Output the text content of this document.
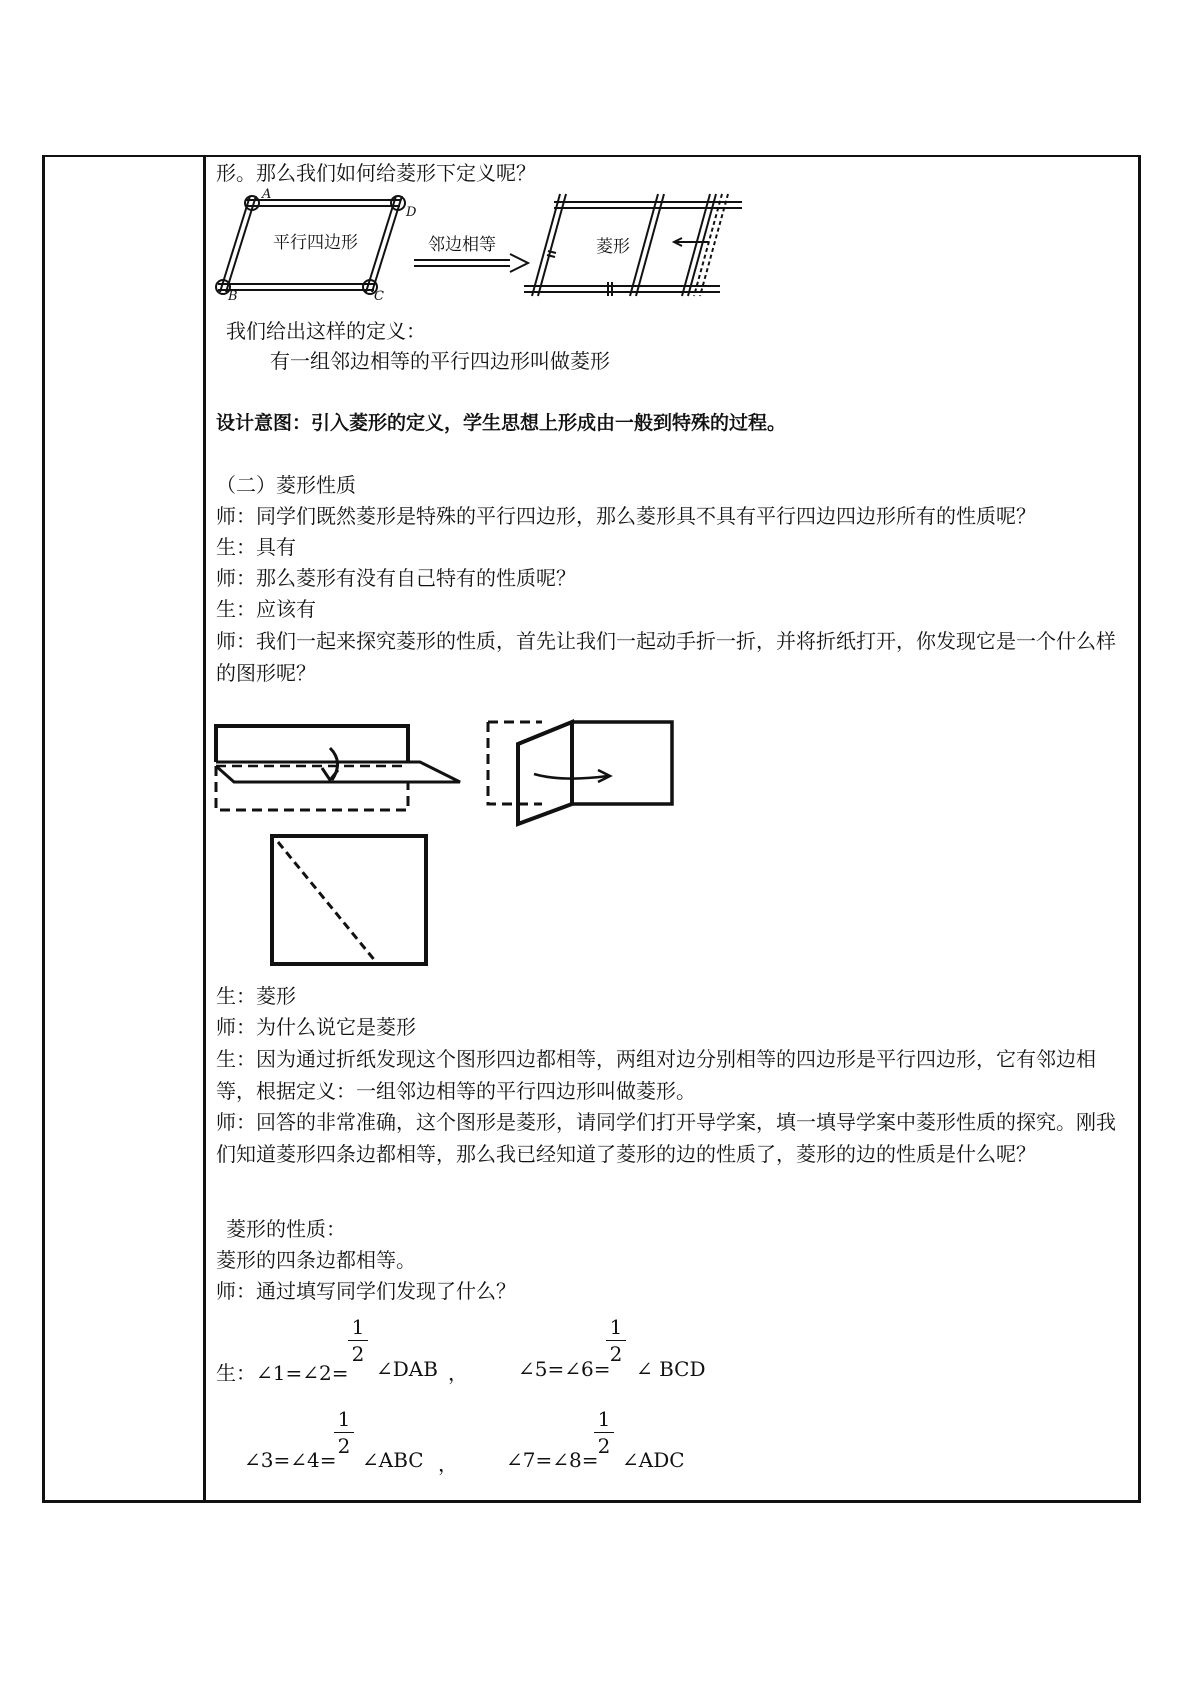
形。那么我们如何给菱形下定义呢？
平行四边形	邻边相等	菱形
A
D
B	C
我们给出这样的定义：
有一组邻边相等的平行四边形叫做菱形
设计意图：引入菱形的定义，学生思想上形成由一般到特殊的过程。
（二）菱形性质
师：同学们既然菱形是特殊的平行四边形，那么菱形具不具有平行四边四边形所有的性质呢？
生：具有
师：那么菱形有没有自己特有的性质呢？
生：应该有
师：我们一起来探究菱形的性质，首先让我们一起动手折一折，并将折纸打开，你发现它是一个什么样的图形呢？
生：菱形
师：为什么说它是菱形
生：因为通过折纸发现这个图形四边都相等，两组对边分别相等的四边形是平行四边形，它有邻边相等，根据定义：一组邻边相等的平行四边形叫做菱形。
师：回答的非常准确，这个图形是菱形，请同学们打开导学案，填一填导学案中菱形性质的探究。刚我们知道菱形四条边都相等，那么我已经知道了菱形的边的性质了，菱形的边的性质是什么呢？
菱形的性质：
菱形的四条边都相等。
师：通过填写同学们发现了什么？
生：∠1=∠2=
1
2
∠DAB ，	∠5=∠6=
1
2
∠ BCD
∠3=∠4=
1
2
∠ABC ， ∠7=∠8=
1
2
∠ADC
